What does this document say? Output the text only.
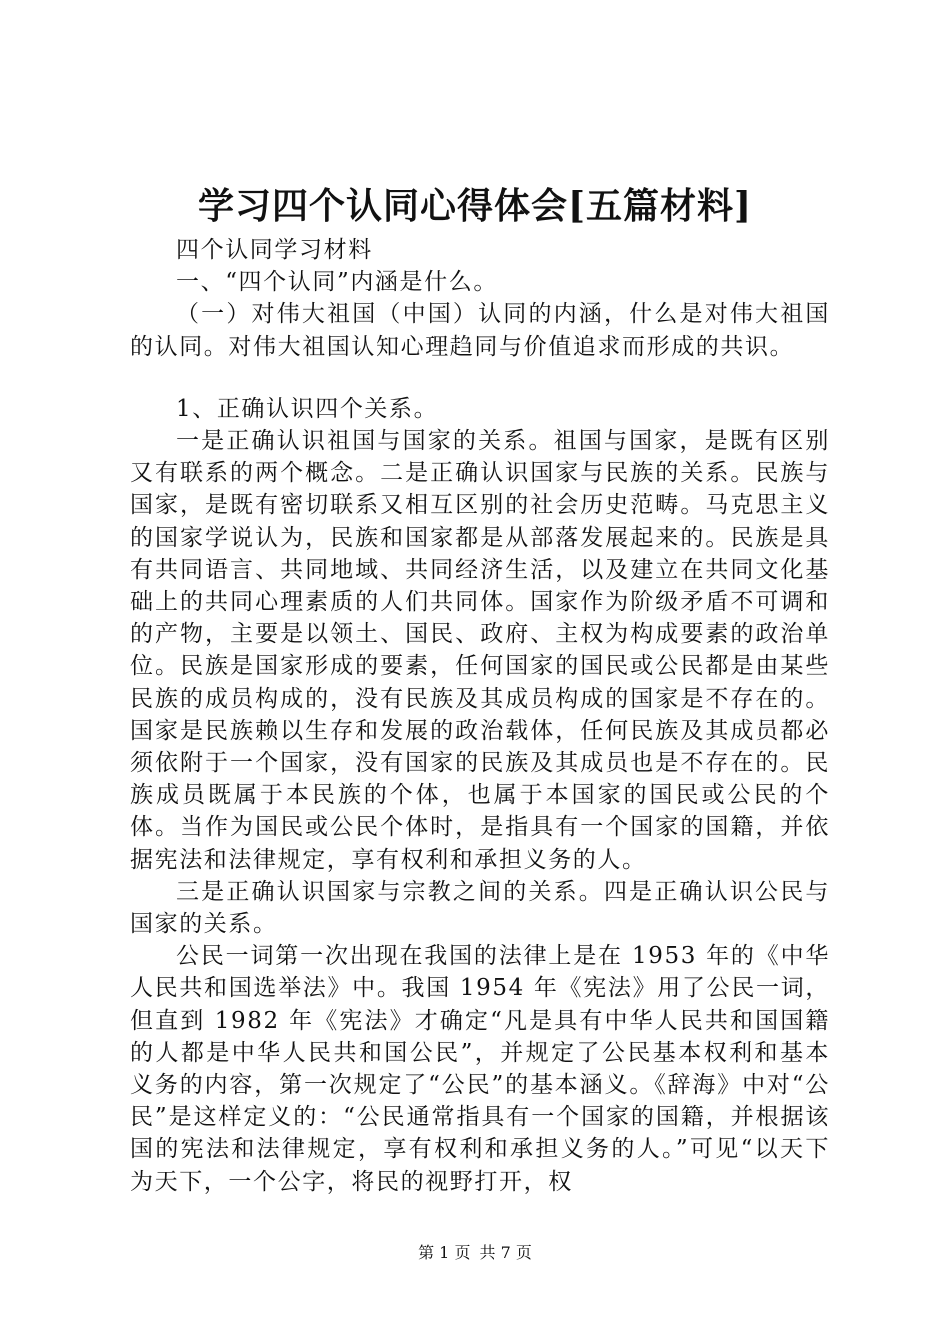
学习四个认同心得体会[五篇材料]

四个认同学习材料

一、“四个认同”内涵是什么。

（一）对伟大祖国（中国）认同的内涵，什么是对伟大祖国的认同。对伟大祖国认知心理趋同与价值追求而形成的共识。

1、正确认识四个关系。

一是正确认识祖国与国家的关系。祖国与国家，是既有区别又有联系的两个概念。二是正确认识国家与民族的关系。民族与国家，是既有密切联系又相互区别的社会历史范畴。马克思主义的国家学说认为，民族和国家都是从部落发展起来的。民族是具有共同语言、共同地域、共同经济生活，以及建立在共同文化基础上的共同心理素质的人们共同体。国家作为阶级矛盾不可调和的产物，主要是以领土、国民、政府、主权为构成要素的政治单位。民族是国家形成的要素，任何国家的国民或公民都是由某些民族的成员构成的，没有民族及其成员构成的国家是不存在的。国家是民族赖以生存和发展的政治载体，任何民族及其成员都必须依附于一个国家，没有国家的民族及其成员也是不存在的。民族成员既属于本民族的个体，也属于本国家的国民或公民的个体。当作为国民或公民个体时，是指具有一个国家的国籍，并依据宪法和法律规定，享有权利和承担义务的人。

三是正确认识国家与宗教之间的关系。四是正确认识公民与国家的关系。

公民一词第一次出现在我国的法律上是在 1953 年的《中华人民共和国选举法》中。我国 1954 年《宪法》用了公民一词，但直到 1982 年《宪法》才确定“凡是具有中华人民共和国国籍的人都是中华人民共和国公民”，并规定了公民基本权利和基本义务的内容，第一次规定了“公民”的基本涵义。《辞海》中对“公民”是这样定义的：“公民通常指具有一个国家的国籍，并根据该国的宪法和法律规定，享有权利和承担义务的人。”可见“以天下为天下，一个公字，将民的视野打开，权

第 1 页 共 7 页
